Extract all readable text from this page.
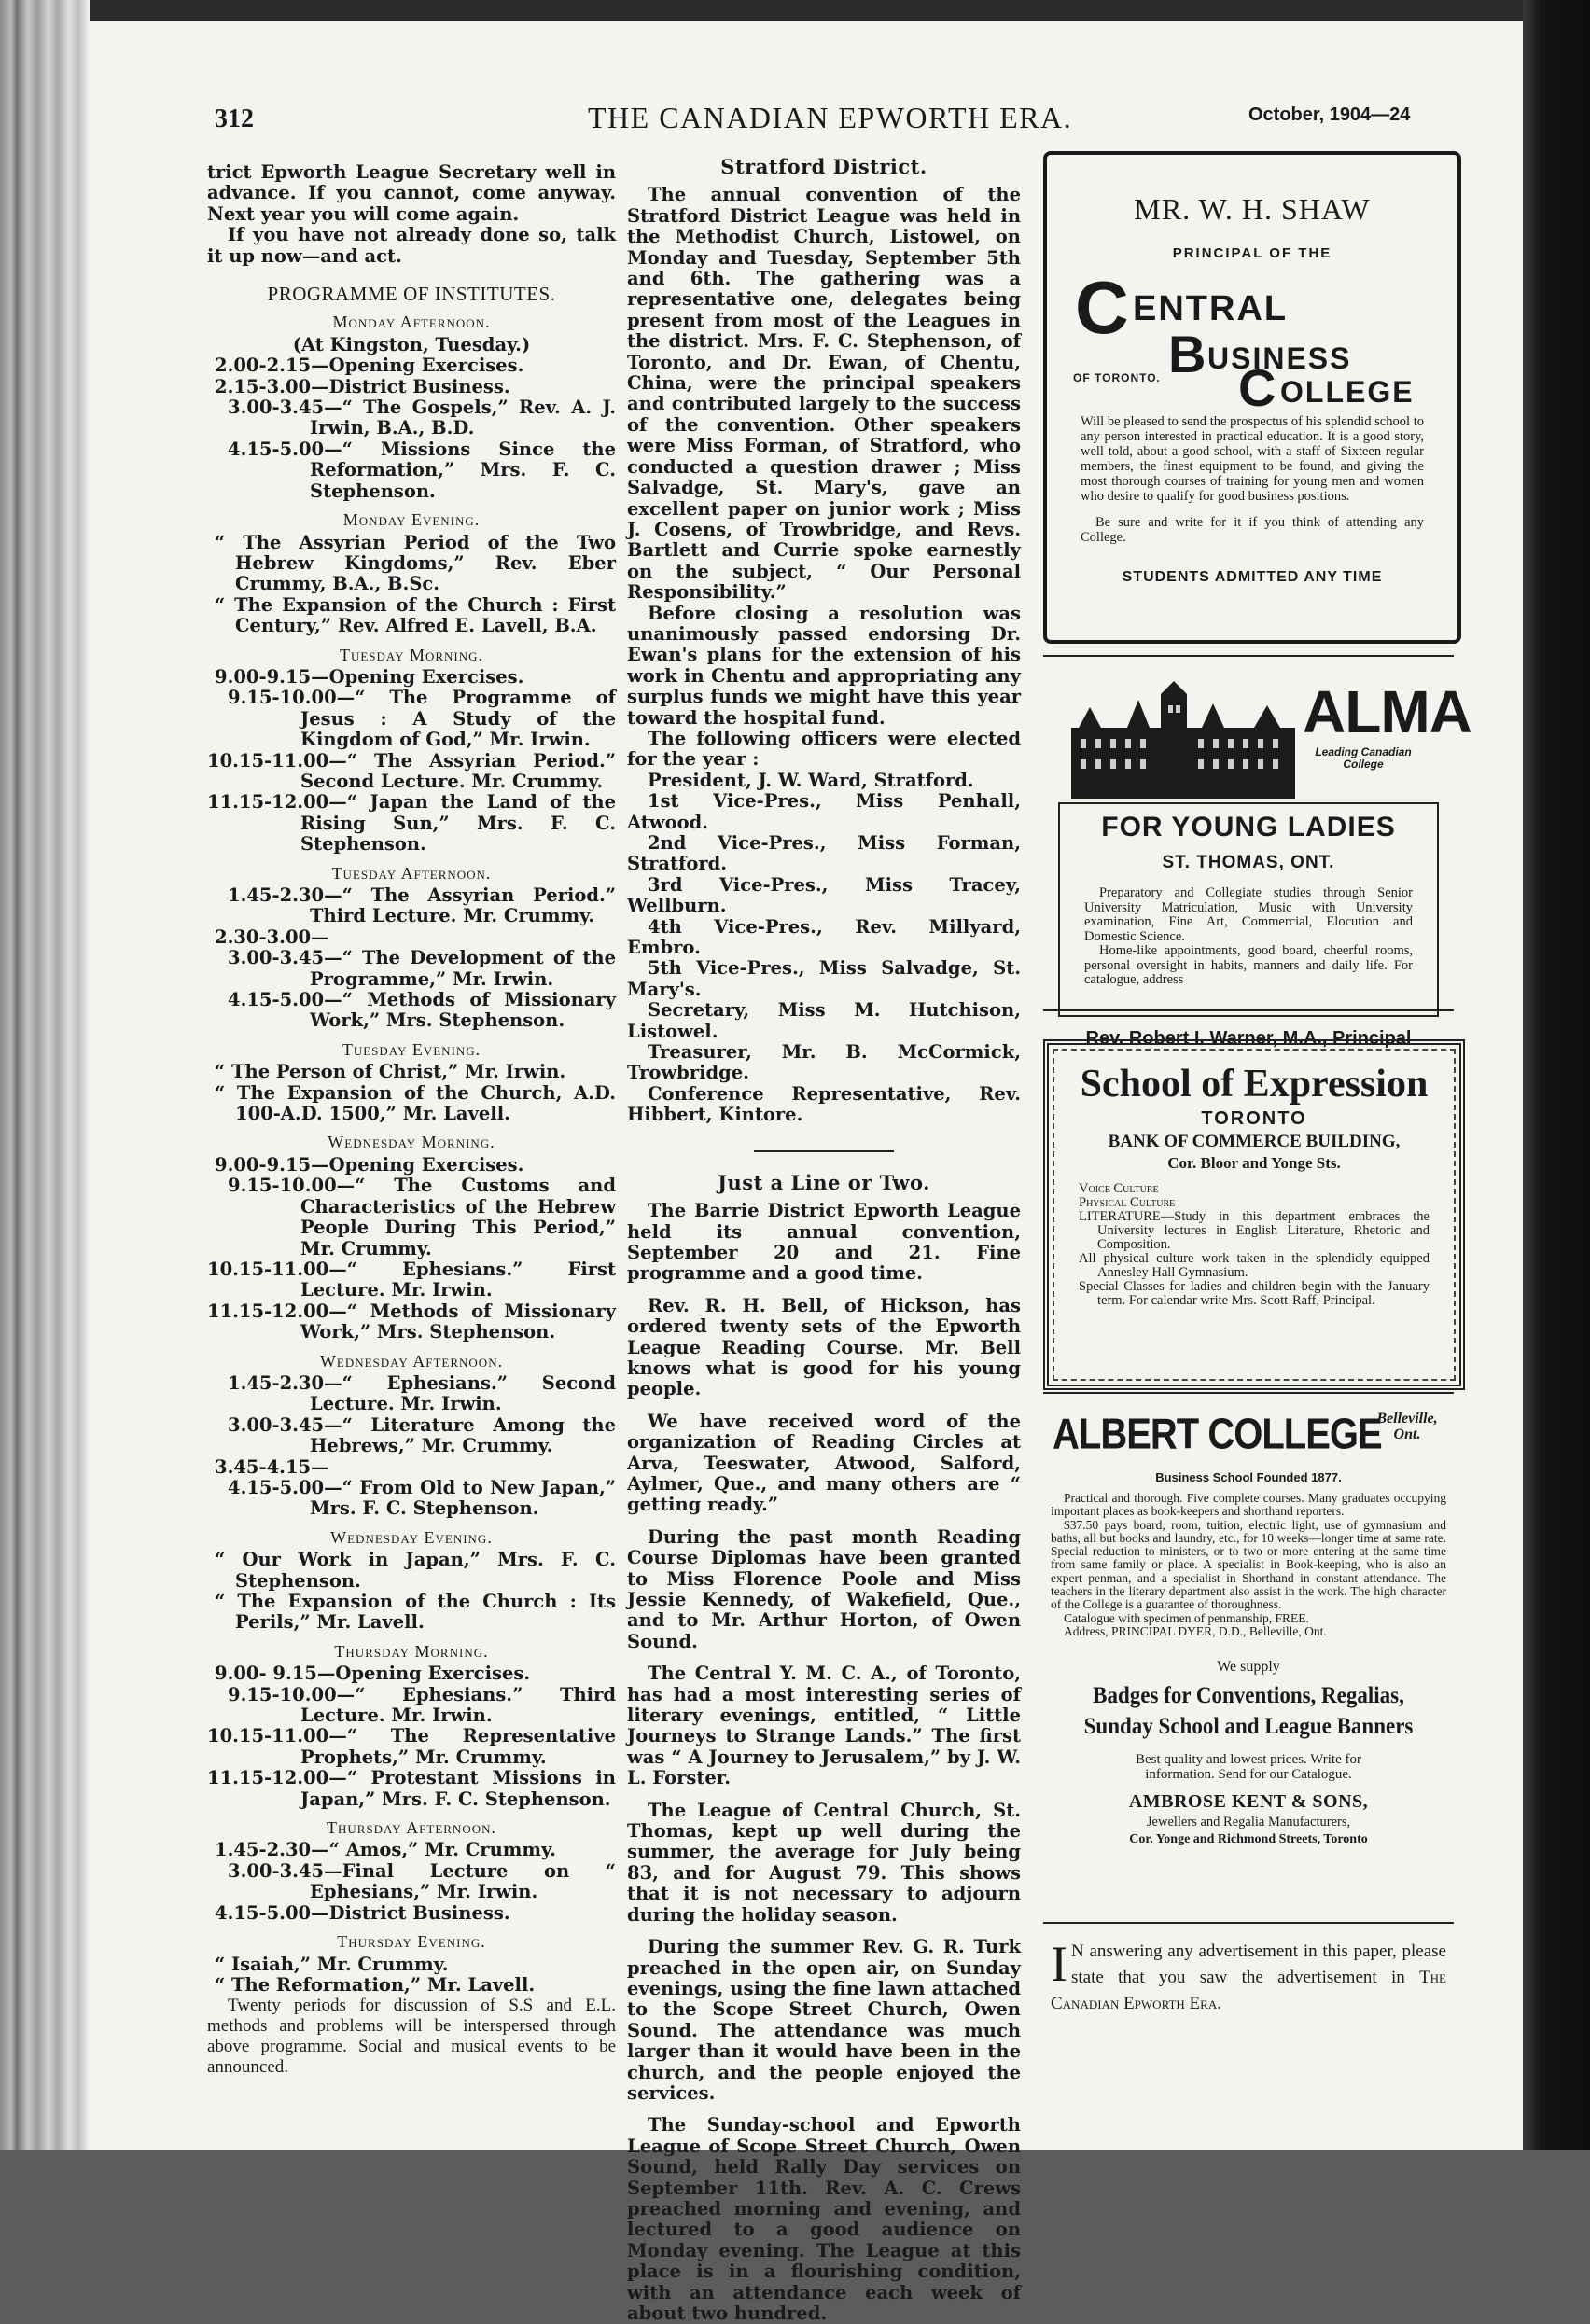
312	THE CANADIAN EPWORTH ERA.	October, 1904—24

trict Epworth League Secretary well in advance. If you cannot, come anyway. Next year you will come again.

If you have not already done so, talk it up now—and act.

PROGRAMME OF INSTITUTES.
Monday Afternoon.
(At Kingston, Tuesday.)
2.00-2.15—Opening Exercises.
2.15-3.00—District Business.
3.00-3.45—“ The Gospels,” Rev. A. J. Irwin, B.A., B.D.
4.15-5.00—“ Missions Since the Reformation,” Mrs. F. C. Stephenson.
Monday Evening.
“ The Assyrian Period of the Two Hebrew Kingdoms,” Rev. Eber Crummy, B.A., B.Sc.
“ The Expansion of the Church : First Century,” Rev. Alfred E. Lavell, B.A.
Tuesday Morning.
9.00-9.15—Opening Exercises.
9.15-10.00—“ The Programme of Jesus : A Study of the Kingdom of God,” Mr. Irwin.
10.15-11.00—“ The Assyrian Period.” Second Lecture. Mr. Crummy.
11.15-12.00—“ Japan the Land of the Rising Sun,” Mrs. F. C. Stephenson.
Tuesday Afternoon.
1.45-2.30—“ The Assyrian Period.” Third Lecture. Mr. Crummy.
2.30-3.00—
3.00-3.45—“ The Development of the Programme,” Mr. Irwin.
4.15-5.00—“ Methods of Missionary Work,” Mrs. Stephenson.
Tuesday Evening.
“ The Person of Christ,” Mr. Irwin.
“ The Expansion of the Church, A.D. 100-A.D. 1500,” Mr. Lavell.
Wednesday Morning.
9.00-9.15—Opening Exercises.
9.15-10.00—“ The Customs and Characteristics of the Hebrew People During This Period,” Mr. Crummy.
10.15-11.00—“ Ephesians.” First Lecture. Mr. Irwin.
11.15-12.00—“ Methods of Missionary Work,” Mrs. Stephenson.
Wednesday Afternoon.
1.45-2.30—“ Ephesians.” Second Lecture. Mr. Irwin.
3.00-3.45—“ Literature Among the Hebrews,” Mr. Crummy.
3.45-4.15—
4.15-5.00—“ From Old to New Japan,” Mrs. F. C. Stephenson.
Wednesday Evening.
“ Our Work in Japan,” Mrs. F. C. Stephenson.
“ The Expansion of the Church : Its Perils,” Mr. Lavell.
Thursday Morning.
9.00- 9.15—Opening Exercises.
9.15-10.00—“ Ephesians.” Third Lecture. Mr. Irwin.
10.15-11.00—“ The Representative Prophets,” Mr. Crummy.
11.15-12.00—“ Protestant Missions in Japan,” Mrs. F. C. Stephenson.
Thursday Afternoon.
1.45-2.30—“ Amos,” Mr. Crummy.
3.00-3.45—Final Lecture on “ Ephesians,” Mr. Irwin.
4.15-5.00—District Business.
Thursday Evening.
“ Isaiah,” Mr. Crummy.
“ The Reformation,” Mr. Lavell.

Twenty periods for discussion of S.S and E.L. methods and problems will be interspersed through above programme. Social and musical events to be announced.

Stratford District.

The annual convention of the Stratford District League was held in the Methodist Church, Listowel, on Monday and Tuesday, September 5th and 6th. The gathering was a representative one, delegates being present from most of the Leagues in the district. Mrs. F. C. Stephenson, of Toronto, and Dr. Ewan, of Chentu, China, were the principal speakers and contributed largely to the success of the convention. Other speakers were Miss Forman, of Stratford, who conducted a question drawer ; Miss Salvadge, St. Mary's, gave an excellent paper on junior work ; Miss J. Cosens, of Trowbridge, and Revs. Bartlett and Currie spoke earnestly on the subject, “ Our Personal Responsibility.”

Before closing a resolution was unanimously passed endorsing Dr. Ewan's plans for the extension of his work in Chentu and appropriating any surplus funds we might have this year toward the hospital fund.

The following officers were elected for the year :

President, J. W. Ward, Stratford.

1st Vice-Pres., Miss Penhall, Atwood.

2nd Vice-Pres., Miss Forman, Stratford.

3rd Vice-Pres., Miss Tracey, Wellburn.

4th Vice-Pres., Rev. Millyard, Embro.

5th Vice-Pres., Miss Salvadge, St. Mary's.

Secretary, Miss M. Hutchison, Listowel.

Treasurer, Mr. B. McCormick, Trowbridge.

Conference Representative, Rev. Hibbert, Kintore.

Just a Line or Two.

The Barrie District Epworth League held its annual convention, September 20 and 21. Fine programme and a good time.

Rev. R. H. Bell, of Hickson, has ordered twenty sets of the Epworth League Reading Course. Mr. Bell knows what is good for his young people.

We have received word of the organization of Reading Circles at Arva, Teeswater, Atwood, Salford, Aylmer, Que., and many others are “ getting ready.”

During the past month Reading Course Diplomas have been granted to Miss Florence Poole and Miss Jessie Kennedy, of Wakefield, Que., and to Mr. Arthur Horton, of Owen Sound.

The Central Y. M. C. A., of Toronto, has had a most interesting series of literary evenings, entitled, “ Little Journeys to Strange Lands.” The first was “ A Journey to Jerusalem,” by J. W. L. Forster.

The League of Central Church, St. Thomas, kept up well during the summer, the average for July being 83, and for August 79. This shows that it is not necessary to adjourn during the holiday season.

During the summer Rev. G. R. Turk preached in the open air, on Sunday evenings, using the fine lawn attached to the Scope Street Church, Owen Sound. The attendance was much larger than it would have been in the church, and the people enjoyed the services.

The Sunday-school and Epworth League of Scope Street Church, Owen Sound, held Rally Day services on September 11th. Rev. A. C. Crews preached morning and evening, and lectured to a good audience on Monday evening. The League at this place is in a flourishing condition, with an attendance each week of about two hundred.

MR. W. H. SHAW
PRINCIPAL OF THE
C ENTRAL
B USINESS
OF TORONTO. C OLLEGE
Will be pleased to send the prospectus of his splendid school to any person interested in practical education. It is a good story, well told, about a good school, with a staff of Sixteen regular members, the finest equipment to be found, and giving the most thorough courses of training for young men and women who desire to qualify for good business positions.
Be sure and write for it if you think of attending any College.
STUDENTS ADMITTED ANY TIME
ALMA
Leading Canadian College
FOR YOUNG LADIES
ST. THOMAS, ONT.
Preparatory and Collegiate studies through Senior University Matriculation, Music with University examination, Fine Art, Commercial, Elocution and Domestic Science.
Home-like appointments, good board, cheerful rooms, personal oversight in habits, manners and daily life. For catalogue, address
Rev. Robert I. Warner, M.A., Principal
School of Expression
TORONTO
BANK OF COMMERCE BUILDING,
Cor. Bloor and Yonge Sts.
Voice Culture
Physical Culture
LITERATURE—Study in this department embraces the University lectures in English Literature, Rhetoric and Composition.
All physical culture work taken in the splendidly equipped Annesley Hall Gymnasium.
Special Classes for ladies and children begin with the January term. For calendar write Mrs. Scott-Raff, Principal.
ALBERT COLLEGE
Belleville, Ont.
Business School Founded 1877.
Practical and thorough. Five complete courses. Many graduates occupying important places as book-keepers and shorthand reporters.
$37.50 pays board, room, tuition, electric light, use of gymnasium and baths, all but books and laundry, etc., for 10 weeks—longer time at same rate. Special reduction to ministers, or to two or more entering at the same time from same family or place. A specialist in Book-keeping, who is also an expert penman, and a specialist in Shorthand in constant attendance. The teachers in the literary department also assist in the work. The high character of the College is a guarantee of thoroughness.
Catalogue with specimen of penmanship, FREE.
Address, PRINCIPAL DYER, D.D., Belleville, Ont.
We supply
Badges for Conventions, Regalias,
Sunday School and League Banners
Best quality and lowest prices. Write for information. Send for our Catalogue.
AMBROSE KENT & SONS,
Jewellers and Regalia Manufacturers,
Cor. Yonge and Richmond Streets, Toronto
I N answering any advertisement in this paper, please state that you saw the advertisement in The Canadian Epworth Era.
